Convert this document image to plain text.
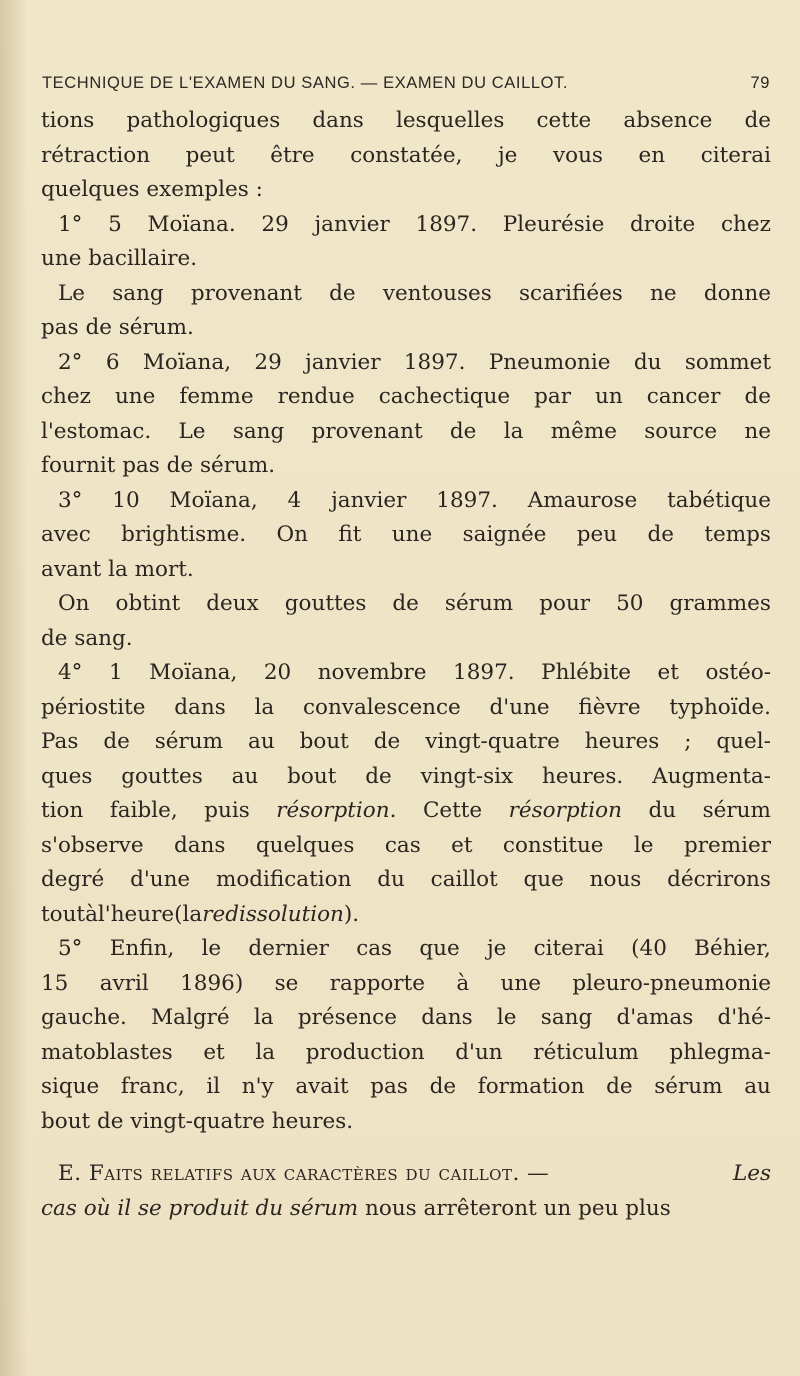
TECHNIQUE DE L'EXAMEN DU SANG. — EXAMEN DU CAILLOT.	79
tions pathologiques dans lesquelles cette absence de
rétraction peut être constatée, je vous en citerai
quelques exemples :
1° 5 Moïana. 29 janvier 1897. Pleurésie droite chez
une bacillaire.
Le sang provenant de ventouses scarifiées ne donne
pas de sérum.
2° 6 Moïana, 29 janvier 1897. Pneumonie du sommet
chez une femme rendue cachectique par un cancer de
l'estomac. Le sang provenant de la même source ne
fournit pas de sérum.
3° 10 Moïana, 4 janvier 1897. Amaurose tabétique
avec brightisme. On fit une saignée peu de temps
avant la mort.
On obtint deux gouttes de sérum pour 50 grammes
de sang.
4° 1 Moïana, 20 novembre 1897. Phlébite et ostéo-
périostite dans la convalescence d'une fièvre typhoïde.
Pas de sérum au bout de vingt-quatre heures ; quel-
ques gouttes au bout de vingt-six heures. Augmenta-
tion faible, puis résorption. Cette résorption du sérum
s'observe dans quelques cas et constitue le premier
degré d'une modification du caillot que nous décrirons
tout à l'heure (la redissolution).
5° Enfin, le dernier cas que je citerai (40 Béhier,
15 avril 1896) se rapporte à une pleuro-pneumonie
gauche. Malgré la présence dans le sang d'amas d'hé-
matoblastes et la production d'un réticulum phlegma-
sique franc, il n'y avait pas de formation de sérum au
bout de vingt-quatre heures.
E. Faits relatifs aux caractères du caillot. —	Les
cas où il se produit du sérum
nous arrêteront un peu plus
